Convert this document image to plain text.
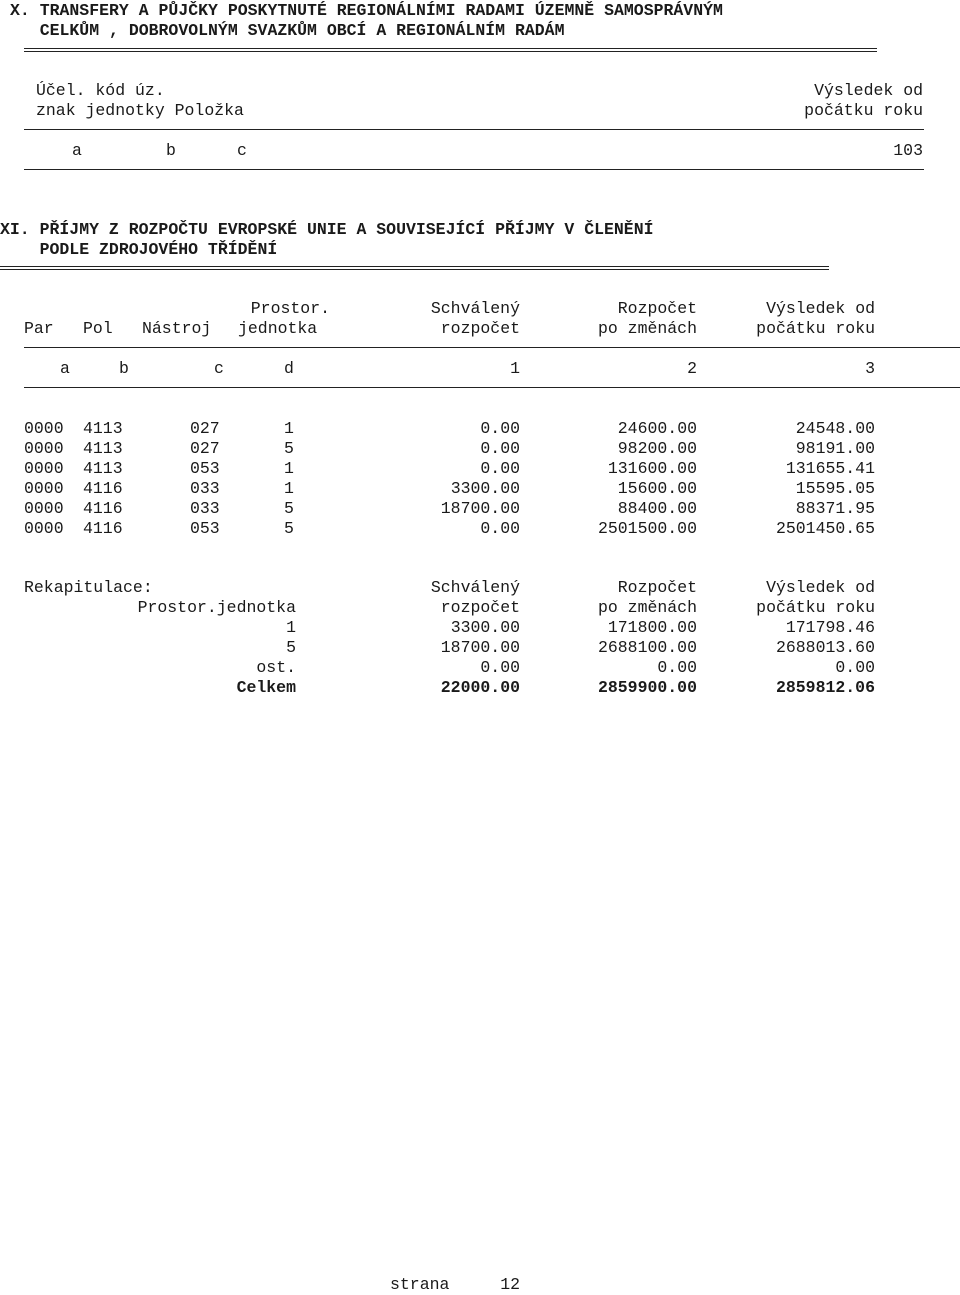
X. TRANSFERY A PŮJČKY POSKYTNUTÉ REGIONÁLNÍMI RADAMI ÚZEMNĚ SAMOSPRÁVNÝM
CELKŮM , DOBROVOLNÝM SVAZKŮM OBCÍ A REGIONÁLNÍM RADÁM
Účel. kód úz.
znak jednotky Položka
Výsledek od
počátku roku
a	b	c	103
XI. PŘÍJMY Z ROZPOČTU EVROPSKÉ UNIE A SOUVISEJÍCÍ PŘÍJMY V ČLENĚNÍ
PODLE ZDROJOVÉHO TŘÍDĚNÍ
Prostor.	Schválený	Rozpočet	Výsledek od
Par Pol Nástroj jednotka	rozpočet	po změnách	počátku roku
a	b	c	d	1	2	3
0000 4113	027	1	0.00	24600.00	24548.00
0000 4113	027	5	0.00	98200.00	98191.00
0000 4113	053	1	0.00	131600.00	131655.41
0000 4116	033	1	3300.00	15600.00	15595.05
0000 4116	033	5	18700.00	88400.00	88371.95
0000 4116	053	5	0.00	2501500.00	2501450.65
Rekapitulace:	Schválený	Rozpočet	Výsledek od
Prostor.jednotka	rozpočet	po změnách	počátku roku
1	3300.00	171800.00	171798.46
5	18700.00	2688100.00	2688013.60
ost.	0.00	0.00	0.00
Celkem	22000.00	2859900.00	2859812.06
strana	12
